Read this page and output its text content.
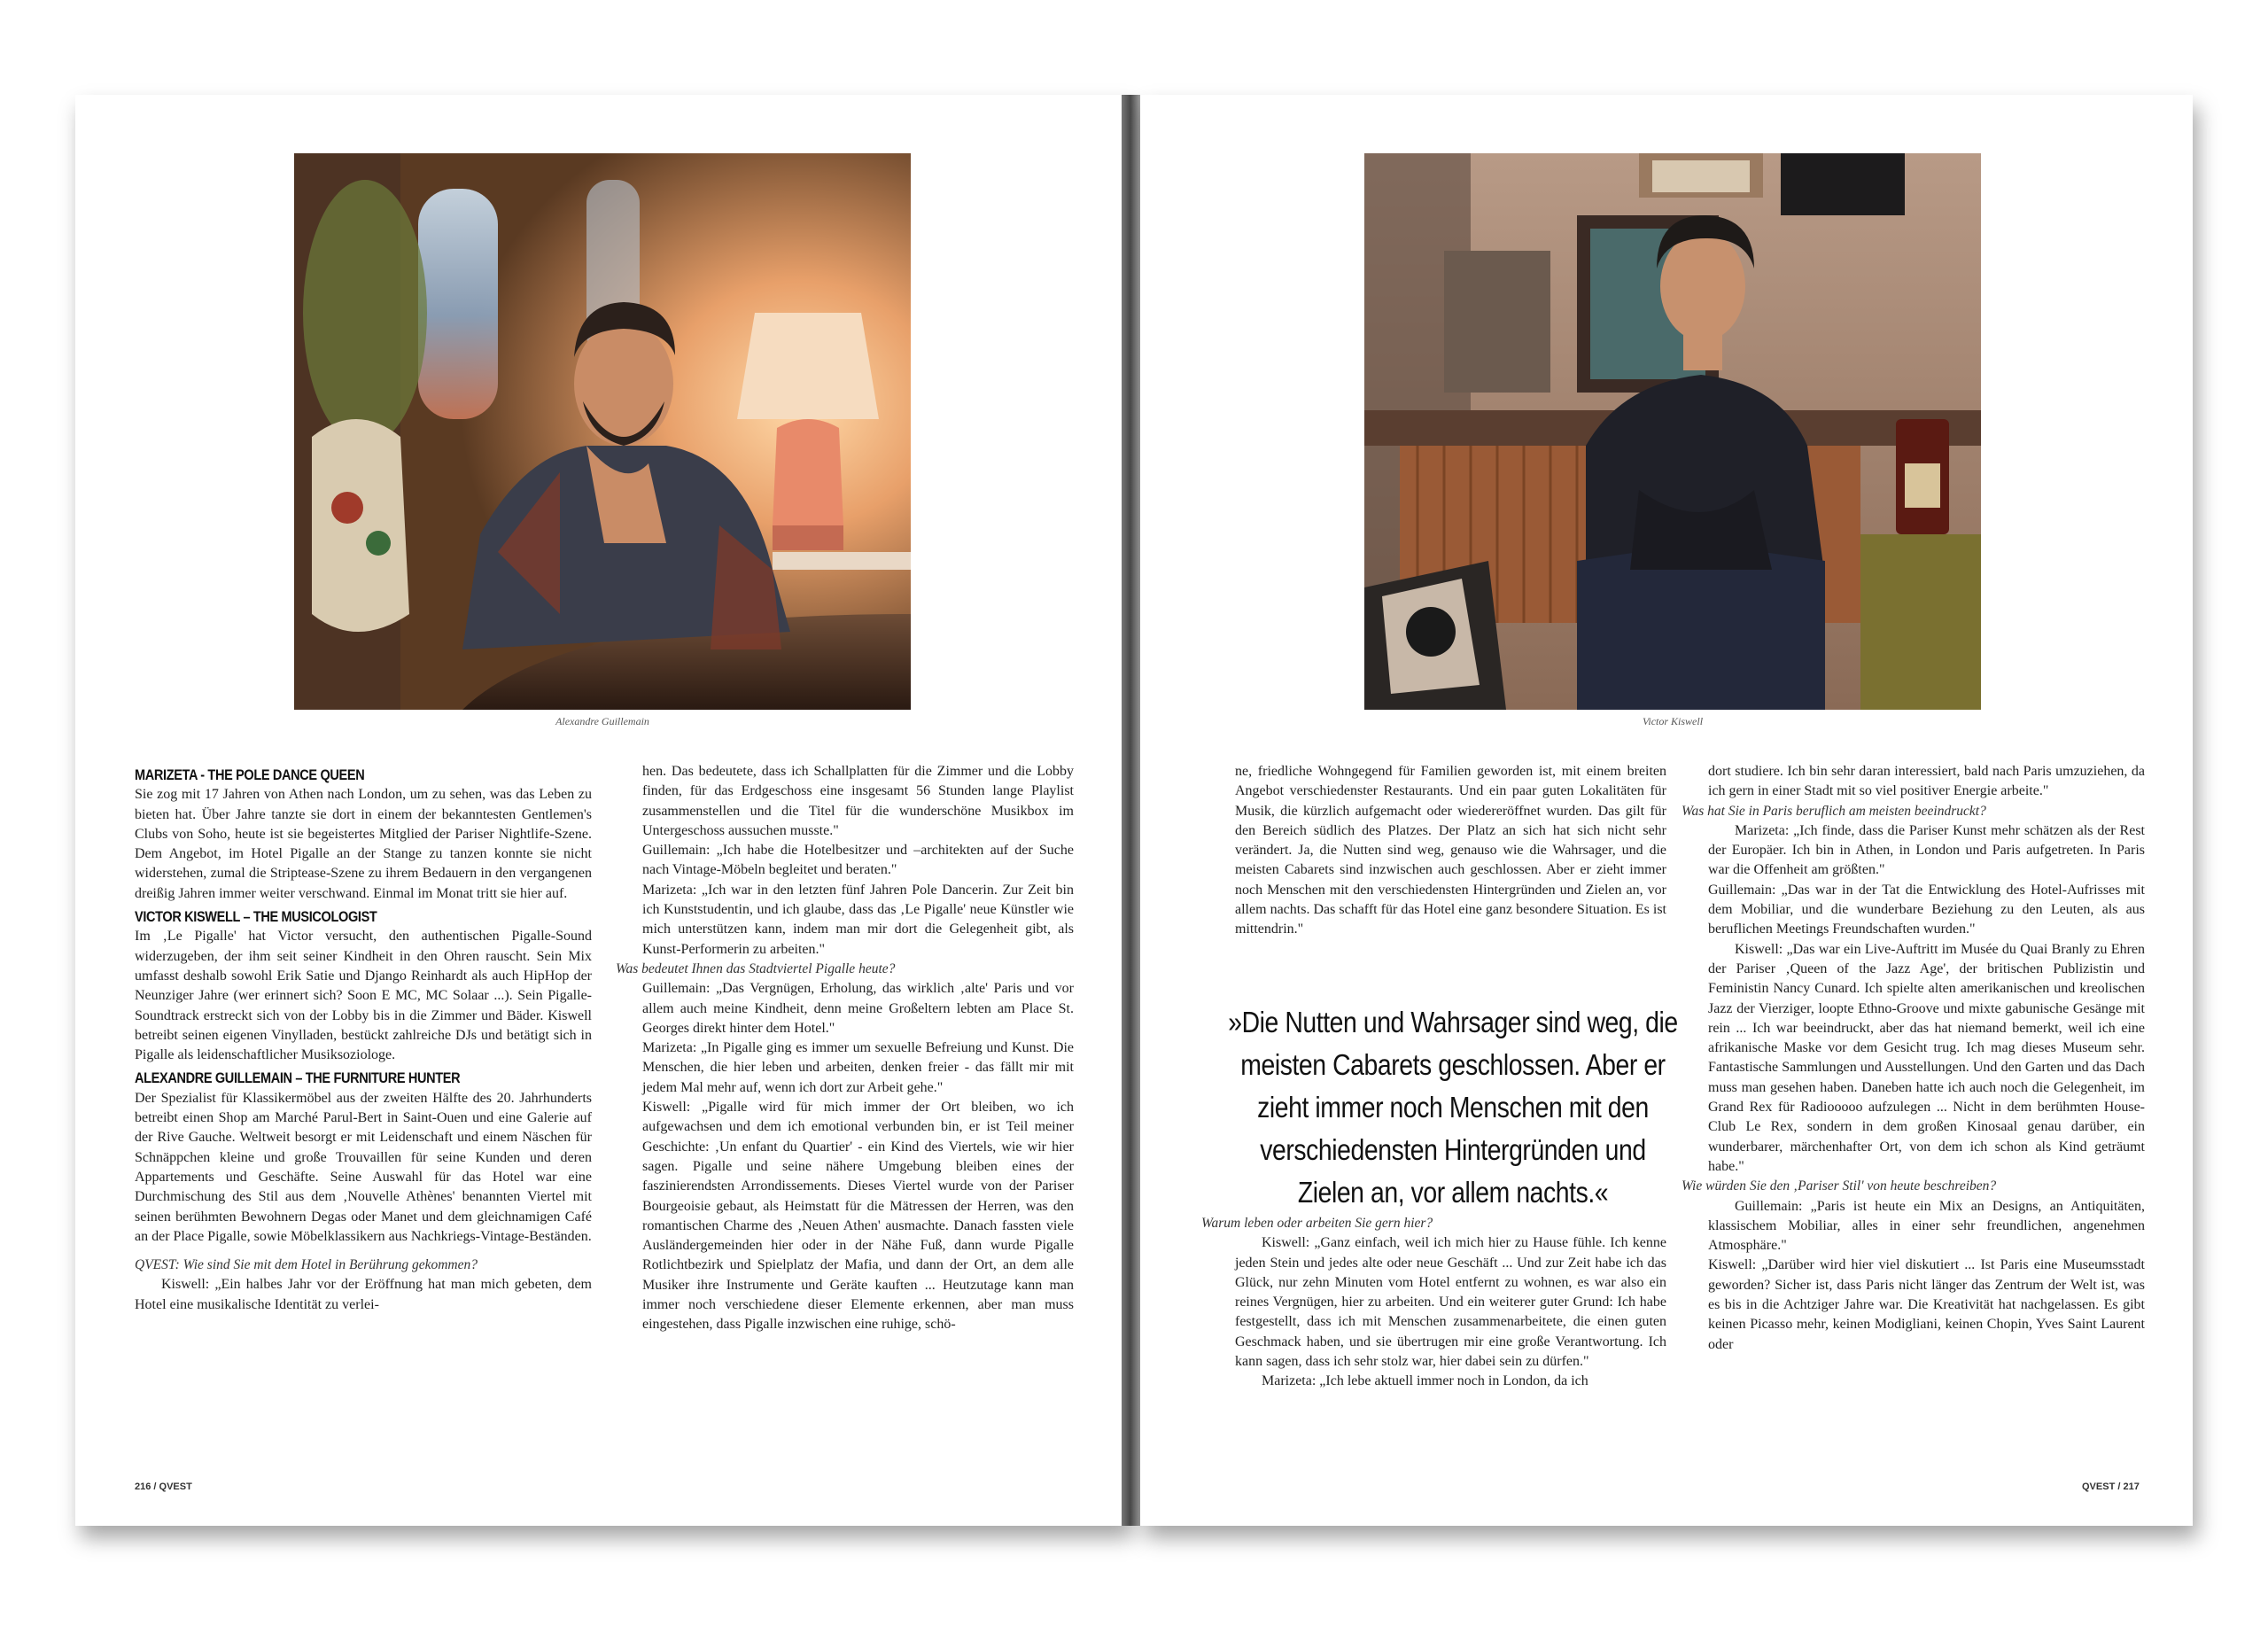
Alexandre Guillemain
MARIZETA - THE POLE DANCE QUEEN

Sie zog mit 17 Jahren von Athen nach London, um zu sehen, was das Leben zu bieten hat. Über Jahre tanzte sie dort in einem der bekanntesten Gentlemen's Clubs von Soho, heute ist sie begeistertes Mitglied der Pariser Nightlife-Szene. Dem Angebot, im Hotel Pigalle an der Stange zu tanzen konnte sie nicht widerstehen, zumal die Striptease-Szene zu ihrem Bedauern in den vergangenen dreißig Jahren immer weiter verschwand. Einmal im Monat tritt sie hier auf.

VICTOR KISWELL – THE MUSICOLOGIST

Im ‚Le Pigalle' hat Victor versucht, den authentischen Pigalle-Sound widerzugeben, der ihm seit seiner Kindheit in den Ohren rauscht. Sein Mix umfasst deshalb sowohl Erik Satie und Django Reinhardt als auch HipHop der Neunziger Jahre (wer erinnert sich? Soon E MC, MC Solaar ...). Sein Pigalle-Soundtrack erstreckt sich von der Lobby bis in die Zimmer und Bäder. Kiswell betreibt seinen eigenen Vinylladen, bestückt zahlreiche DJs und betätigt sich in Pigalle als leidenschaftlicher Musiksoziologe.

ALEXANDRE GUILLEMAIN – THE FURNITURE HUNTER

Der Spezialist für Klassikermöbel aus der zweiten Hälfte des 20. Jahrhunderts betreibt einen Shop am Marché Parul-Bert in Saint-Ouen und eine Galerie auf der Rive Gauche. Weltweit besorgt er mit Leidenschaft und einem Näschen für Schnäppchen kleine und große Trouvaillen für seine Kunden und deren Appartements und Geschäfte. Seine Auswahl für das Hotel war eine Durchmischung des Stil aus dem ‚Nouvelle Athènes' benannten Viertel mit seinen berühmten Bewohnern Degas oder Manet und dem gleichnamigen Café an der Place Pigalle, sowie Möbelklassikern aus Nachkriegs-Vintage-Beständen.

QVEST: Wie sind Sie mit dem Hotel in Berührung gekommen?

Kiswell: „Ein halbes Jahr vor der Eröffnung hat man mich gebeten, dem Hotel eine musikalische Identität zu verlei-

hen. Das bedeutete, dass ich Schallplatten für die Zimmer und die Lobby finden, für das Erdgeschoss eine insgesamt 56 Stunden lange Playlist zusammenstellen und die Titel für die wunderschöne Musikbox im Untergeschoss aussuchen musste."

Guillemain: „Ich habe die Hotelbesitzer und –architekten auf der Suche nach Vintage-Möbeln begleitet und beraten."

Marizeta: „Ich war in den letzten fünf Jahren Pole Dancerin. Zur Zeit bin ich Kunststudentin, und ich glaube, dass das ‚Le Pigalle' neue Künstler wie mich unterstützen kann, indem man mir dort die Gelegenheit gibt, als Kunst-Performerin zu arbeiten."

Was bedeutet Ihnen das Stadtviertel Pigalle heute?

Guillemain: „Das Vergnügen, Erholung, das wirklich ‚alte' Paris und vor allem auch meine Kindheit, denn meine Großeltern lebten am Place St. Georges direkt hinter dem Hotel."

Marizeta: „In Pigalle ging es immer um sexuelle Befreiung und Kunst. Die Menschen, die hier leben und arbeiten, denken freier - das fällt mir mit jedem Mal mehr auf, wenn ich dort zur Arbeit gehe."

Kiswell: „Pigalle wird für mich immer der Ort bleiben, wo ich aufgewachsen und dem ich emotional verbunden bin, er ist Teil meiner Geschichte: ‚Un enfant du Quartier' - ein Kind des Viertels, wie wir hier sagen. Pigalle und seine nähere Umgebung bleiben eines der faszinierendsten Arrondissements. Dieses Viertel wurde von der Pariser Bourgeoisie gebaut, als Heimstatt für die Mätressen der Herren, was den romantischen Charme des ‚Neuen Athen' ausmachte. Danach fassten viele Ausländergemeinden hier oder in der Nähe Fuß, dann wurde Pigalle Rotlichtbezirk und Spielplatz der Mafia, und dann der Ort, an dem alle Musiker ihre Instrumente und Geräte kauften ... Heutzutage kann man immer noch verschiedene dieser Elemente erkennen, aber man muss eingestehen, dass Pigalle inzwischen eine ruhige, schö-

216 / QVEST
Victor Kiswell

ne, friedliche Wohngegend für Familien geworden ist, mit einem breiten Angebot verschiedenster Restaurants. Und ein paar guten Lokalitäten für Musik, die kürzlich aufgemacht oder wiedereröffnet wurden. Das gilt für den Bereich südlich des Platzes. Der Platz an sich hat sich nicht sehr verändert. Ja, die Nutten sind weg, genauso wie die Wahrsager, und die meisten Cabarets sind inzwischen auch geschlossen. Aber er zieht immer noch Menschen mit den verschiedensten Hintergründen und Zielen an, vor allem nachts. Das schafft für das Hotel eine ganz besondere Situation. Es ist mittendrin."

»Die Nutten und Wahrsager sind weg, die meisten Cabarets geschlossen. Aber er zieht immer noch Menschen mit den verschiedensten Hintergründen und Zielen an, vor allem nachts.«

Warum leben oder arbeiten Sie gern hier?

Kiswell: „Ganz einfach, weil ich mich hier zu Hause fühle. Ich kenne jeden Stein und jedes alte oder neue Geschäft ... Und zur Zeit habe ich das Glück, nur zehn Minuten vom Hotel entfernt zu wohnen, es war also ein reines Vergnügen, hier zu arbeiten. Und ein weiterer guter Grund: Ich habe festgestellt, dass ich mit Menschen zusammenarbeitete, die einen guten Geschmack haben, und sie übertrugen mir eine große Verantwortung. Ich kann sagen, dass ich sehr stolz war, hier dabei sein zu dürfen."

Marizeta: „Ich lebe aktuell immer noch in London, da ich

dort studiere. Ich bin sehr daran interessiert, bald nach Paris umzuziehen, da ich gern in einer Stadt mit so viel positiver Energie arbeite."

Was hat Sie in Paris beruflich am meisten beeindruckt?

Marizeta: „Ich finde, dass die Pariser Kunst mehr schätzen als der Rest der Europäer. Ich bin in Athen, in London und Paris aufgetreten. In Paris war die Offenheit am größten."

Guillemain: „Das war in der Tat die Entwicklung des Hotel-Aufrisses mit dem Mobiliar, und die wunderbare Beziehung zu den Leuten, als aus beruflichen Meetings Freundschaften wurden."

Kiswell: „Das war ein Live-Auftritt im Musée du Quai Branly zu Ehren der Pariser ‚Queen of the Jazz Age', der britischen Publizistin und Feministin Nancy Cunard. Ich spielte alten amerikanischen und kreolischen Jazz der Vierziger, loopte Ethno-Groove und mixte gabunische Gesänge mit rein ... Ich war beeindruckt, aber das hat niemand bemerkt, weil ich eine afrikanische Maske vor dem Gesicht trug. Ich mag dieses Museum sehr. Fantastische Sammlungen und Ausstellungen. Und den Garten und das Dach muss man gesehen haben. Daneben hatte ich auch noch die Gelegenheit, im Grand Rex für Radiooooo aufzulegen ... Nicht in dem berühmten House-Club Le Rex, sondern in dem großen Kinosaal genau darüber, ein wunderbarer, märchenhafter Ort, von dem ich schon als Kind geträumt habe."

Wie würden Sie den ‚Pariser Stil' von heute beschreiben?

Guillemain: „Paris ist heute ein Mix an Designs, an Antiquitäten, klassischem Mobiliar, alles in einer sehr freundlichen, angenehmen Atmosphäre."

Kiswell: „Darüber wird hier viel diskutiert ... Ist Paris eine Museumsstadt geworden? Sicher ist, dass Paris nicht länger das Zentrum der Welt ist, was es bis in die Achtziger Jahre war. Die Kreativität hat nachgelassen. Es gibt keinen Picasso mehr, keinen Modigliani, keinen Chopin, Yves Saint Laurent oder

QVEST / 217
